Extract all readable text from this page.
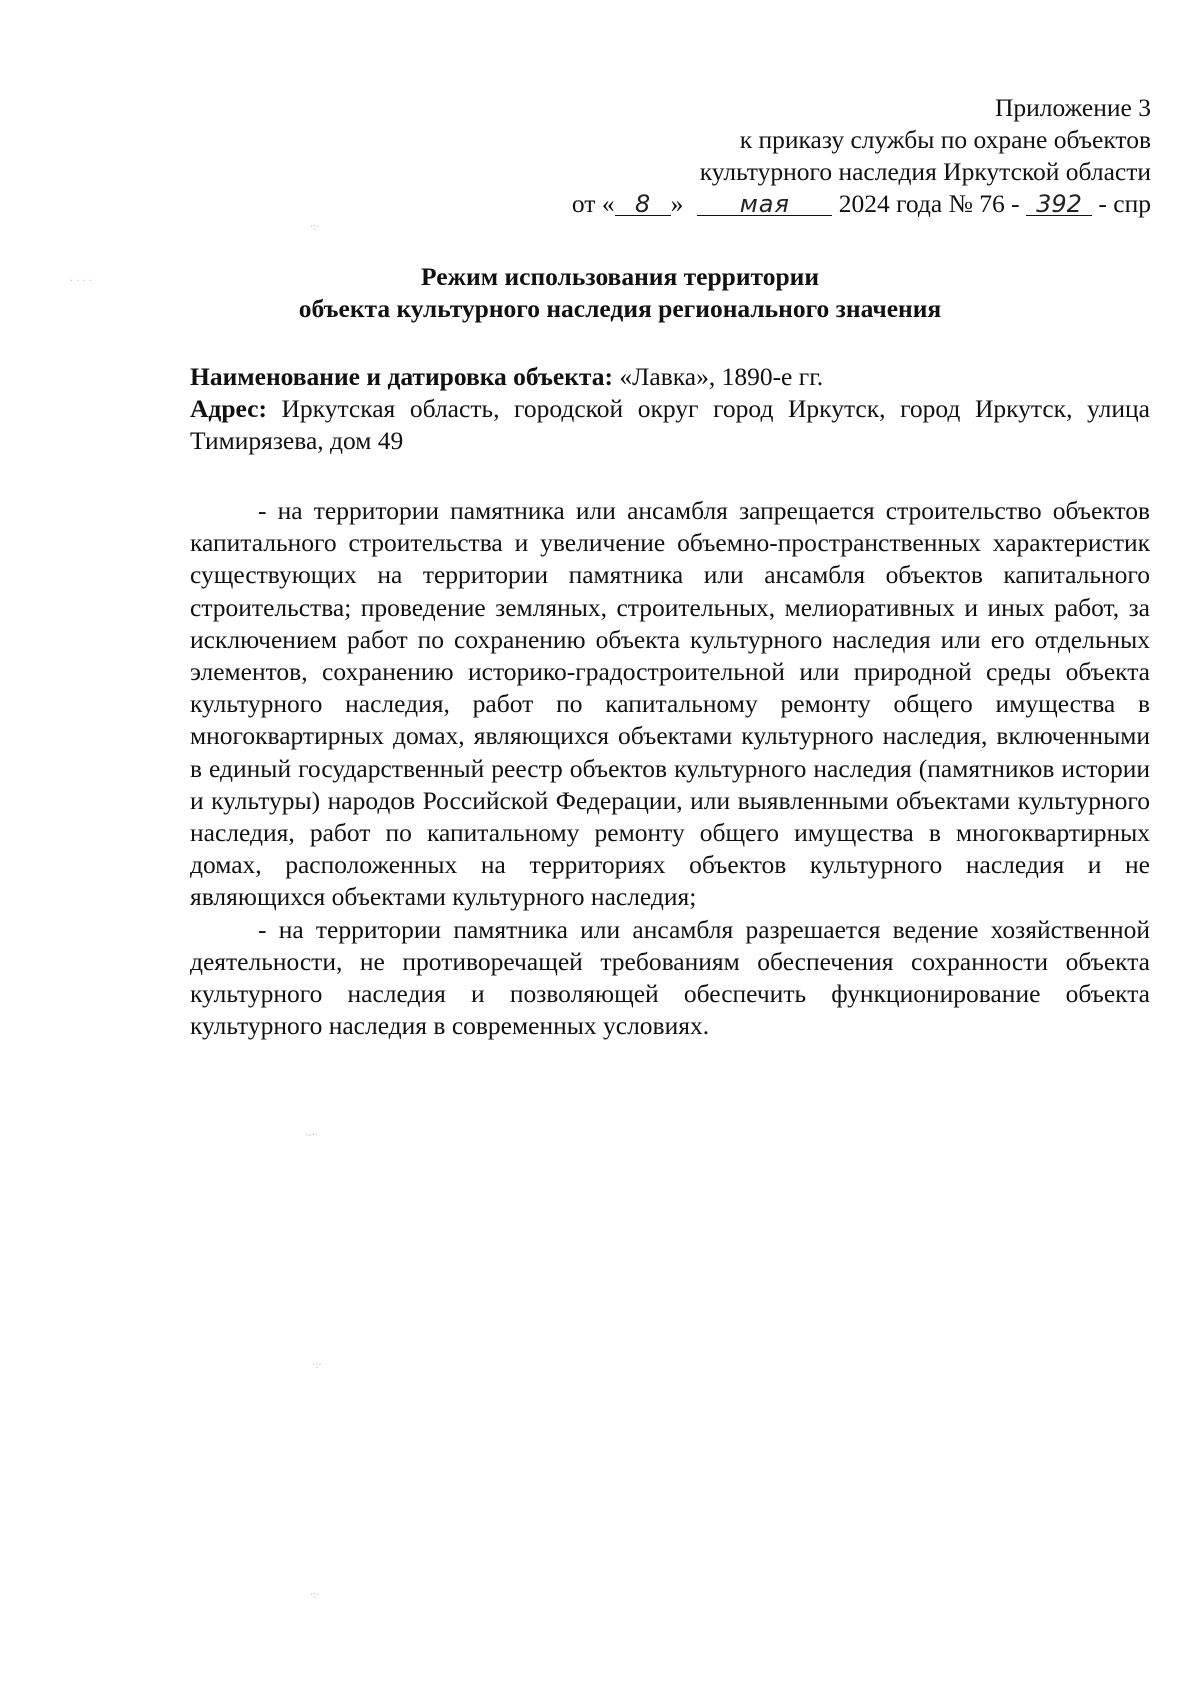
Приложение 3
к приказу службы по охране объектов
культурного наследия Иркутской области
от « 8 » мая 2024 года № 76 - 392 - спр
Режим использования территории
объекта культурного наследия регионального значения

Наименование и датировка объекта: «Лавка», 1890-е гг.

Адрес: Иркутская область, городской округ город Иркутск, город Иркутск, улица Тимирязева, дом 49

- на территории памятника или ансамбля запрещается строительство объектов капитального строительства и увеличение объемно-пространственных характеристик существующих на территории памятника или ансамбля объектов капитального строительства; проведение земляных, строительных, мелиоративных и иных работ, за исключением работ по сохранению объекта культурного наследия или его отдельных элементов, сохранению историко-градостроительной или природной среды объекта культурного наследия, работ по капитальному ремонту общего имущества в многоквартирных домах, являющихся объектами культурного наследия, включенными в единый государственный реестр объектов культурного наследия (памятников истории и культуры) народов Российской Федерации, или выявленными объектами культурного наследия, работ по капитальному ремонту общего имущества в многоквартирных домах, расположенных на территориях объектов культурного наследия и не являющихся объектами культурного наследия;

- на территории памятника или ансамбля разрешается ведение хозяйственной деятельности, не противоречащей требованиям обеспечения сохранности объекта культурного наследия и позволяющей обеспечить функционирование объекта культурного наследия в современных условиях.

·:·
· · · ·
·-··
·:·
·:·
